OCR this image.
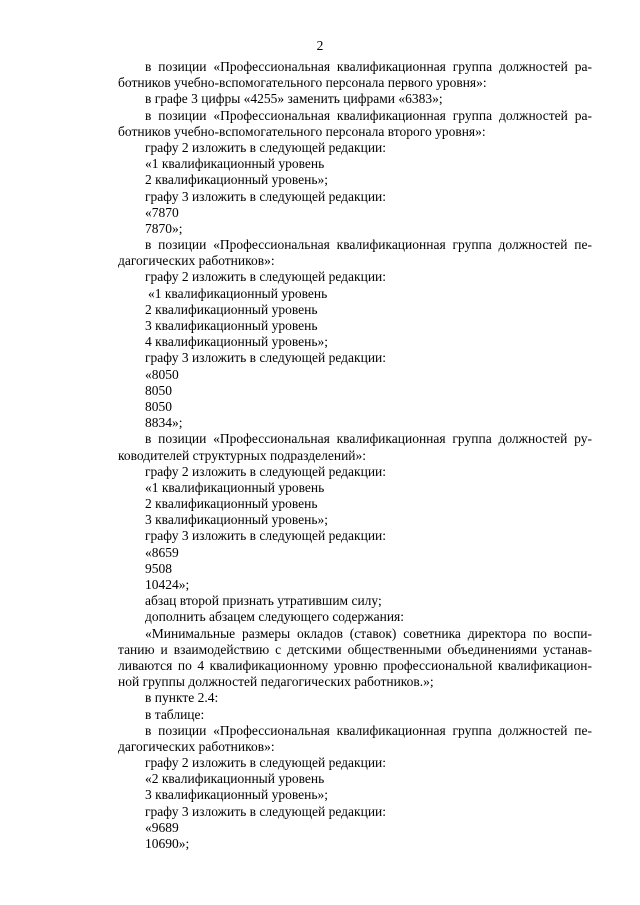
2
в позиции «Профессиональная квалификационная группа должностей ра-
ботников учебно-вспомогательного персонала первого уровня»:
в графе 3 цифры «4255» заменить цифрами «6383»;
в позиции «Профессиональная квалификационная группа должностей ра-
ботников учебно-вспомогательного персонала второго уровня»:
графу 2 изложить в следующей редакции:
«1 квалификационный уровень
2 квалификационный уровень»;
графу 3 изложить в следующей редакции:
«7870
7870»;
в позиции «Профессиональная квалификационная группа должностей пе-
дагогических работников»:
графу 2 изложить в следующей редакции:
«1 квалификационный уровень
2 квалификационный уровень
3 квалификационный уровень
4 квалификационный уровень»;
графу 3 изложить в следующей редакции:
«8050
8050
8050
8834»;
в позиции «Профессиональная квалификационная группа должностей ру-
ководителей структурных подразделений»:
графу 2 изложить в следующей редакции:
«1 квалификационный уровень
2 квалификационный уровень
3 квалификационный уровень»;
графу 3 изложить в следующей редакции:
«8659
9508
10424»;
абзац второй признать утратившим силу;
дополнить абзацем следующего содержания:
«Минимальные размеры окладов (ставок) советника директора по воспи-
танию и взаимодействию с детскими общественными объединениями устанав-
ливаются по 4 квалификационному уровню профессиональной квалификацион-
ной группы должностей педагогических работников.»;
в пункте 2.4:
в таблице:
в позиции «Профессиональная квалификационная группа должностей пе-
дагогических работников»:
графу 2 изложить в следующей редакции:
«2 квалификационный уровень
3 квалификационный уровень»;
графу 3 изложить в следующей редакции:
«9689
10690»;
